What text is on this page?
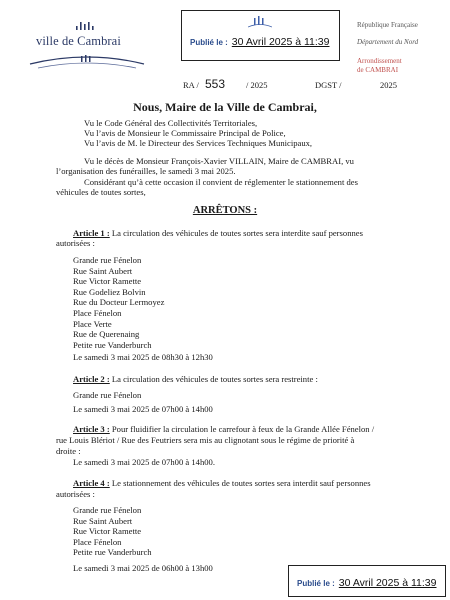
ville de Cambrai	Publié le : 30 Avril 2025 à 11:39
République Française
Département du Nord
Arrondissement
de CAMBRAI
RA / 553 / 2025	DGST /	2025
Nous, Maire de la Ville de Cambrai,
Vu le Code Général des Collectivités Territoriales,
Vu l’avis de Monsieur le Commissaire Principal de Police,
Vu l’avis de M. le Directeur des Services Techniques Municipaux,
Vu le décès de Monsieur François-Xavier VILLAIN, Maire de CAMBRAI, vu
l’organisation des funérailles, le samedi 3 mai 2025.
Considérant qu’à cette occasion il convient de réglementer le stationnement des
véhicules de toutes sortes,
ARRÊTONS :
Article 1 : La circulation des véhicules de toutes sortes sera interdite sauf personnes
autorisées :
Grande rue Fénelon
Rue Saint Aubert
Rue Victor Ramette
Rue Godeliez Bolvin
Rue du Docteur Lermoyez
Place Fénelon
Place Verte
Rue de Querenaing
Petite rue Vanderburch
Le samedi 3 mai 2025 de 08h30 à 12h30
Article 2 : La circulation des véhicules de toutes sortes sera restreinte :
Grande rue Fénelon
Le samedi 3 mai 2025 de 07h00 à 14h00
Article 3 : Pour fluidifier la circulation le carrefour à feux de la Grande Allée Fénelon /
rue Louis Blériot / Rue des Feutriers sera mis au clignotant sous le régime de priorité à
droite :
Le samedi 3 mai 2025 de 07h00 à 14h00.
Article 4 : Le stationnement des véhicules de toutes sortes sera interdit sauf personnes
autorisées :
Grande rue Fénelon
Rue Saint Aubert
Rue Victor Ramette
Place Fénelon
Petite rue Vanderburch
Le samedi 3 mai 2025 de 06h00 à 13h00
Publié le : 30 Avril 2025 à 11:39
